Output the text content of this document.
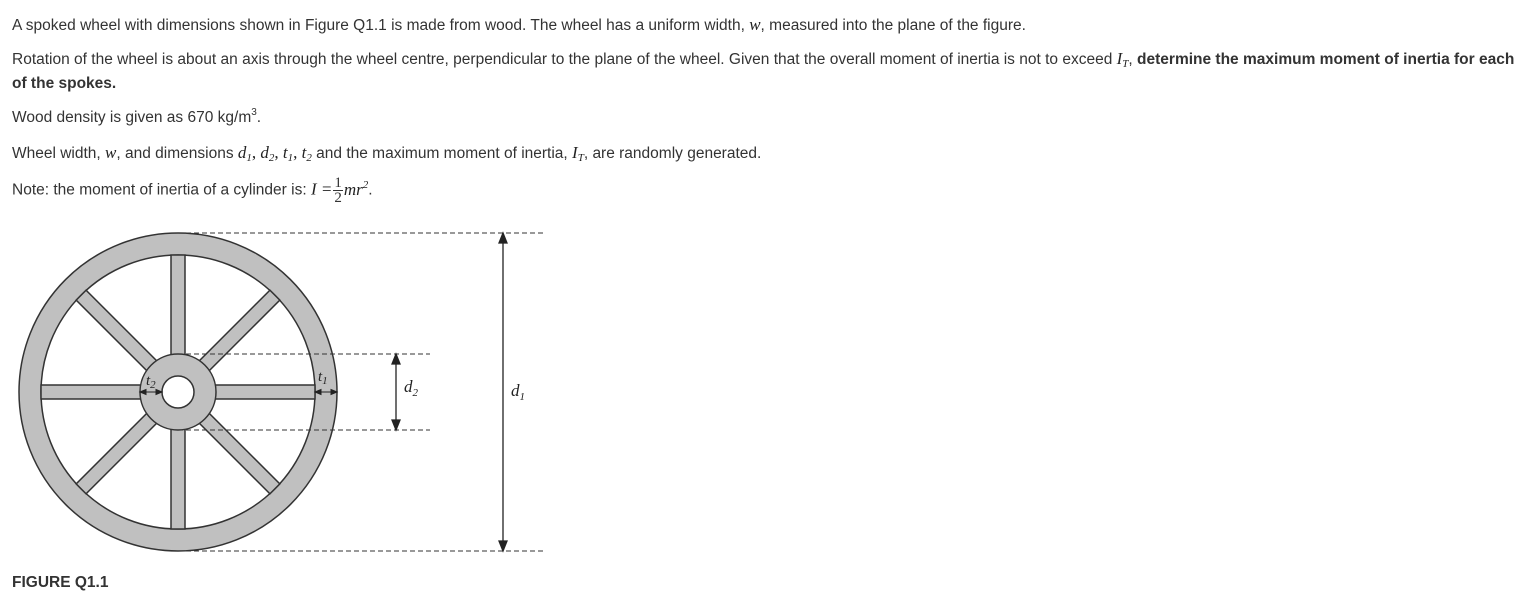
A spoked wheel with dimensions shown in Figure Q1.1 is made from wood. The wheel has a uniform width, w, measured into the plane of the figure.

Rotation of the wheel is about an axis through the wheel centre, perpendicular to the plane of the wheel. Given that the overall moment of inertia is not to exceed $I_T$, determine the maximum moment of inertia for each of the spokes.

Wood density is given as 670 $kg/m^3$.

Wheel width, w, and dimensions $d_1$, $d_2$, $t_1$, $t_2$ and the maximum moment of inertia, $I_T$, are randomly generated.

Note: the moment of inertia of a cylinder is: $I = \frac{1}{2} mr^2$.

$d_1$
$d_2$
$t_2$	$t_1$
FIGURE Q1.1
